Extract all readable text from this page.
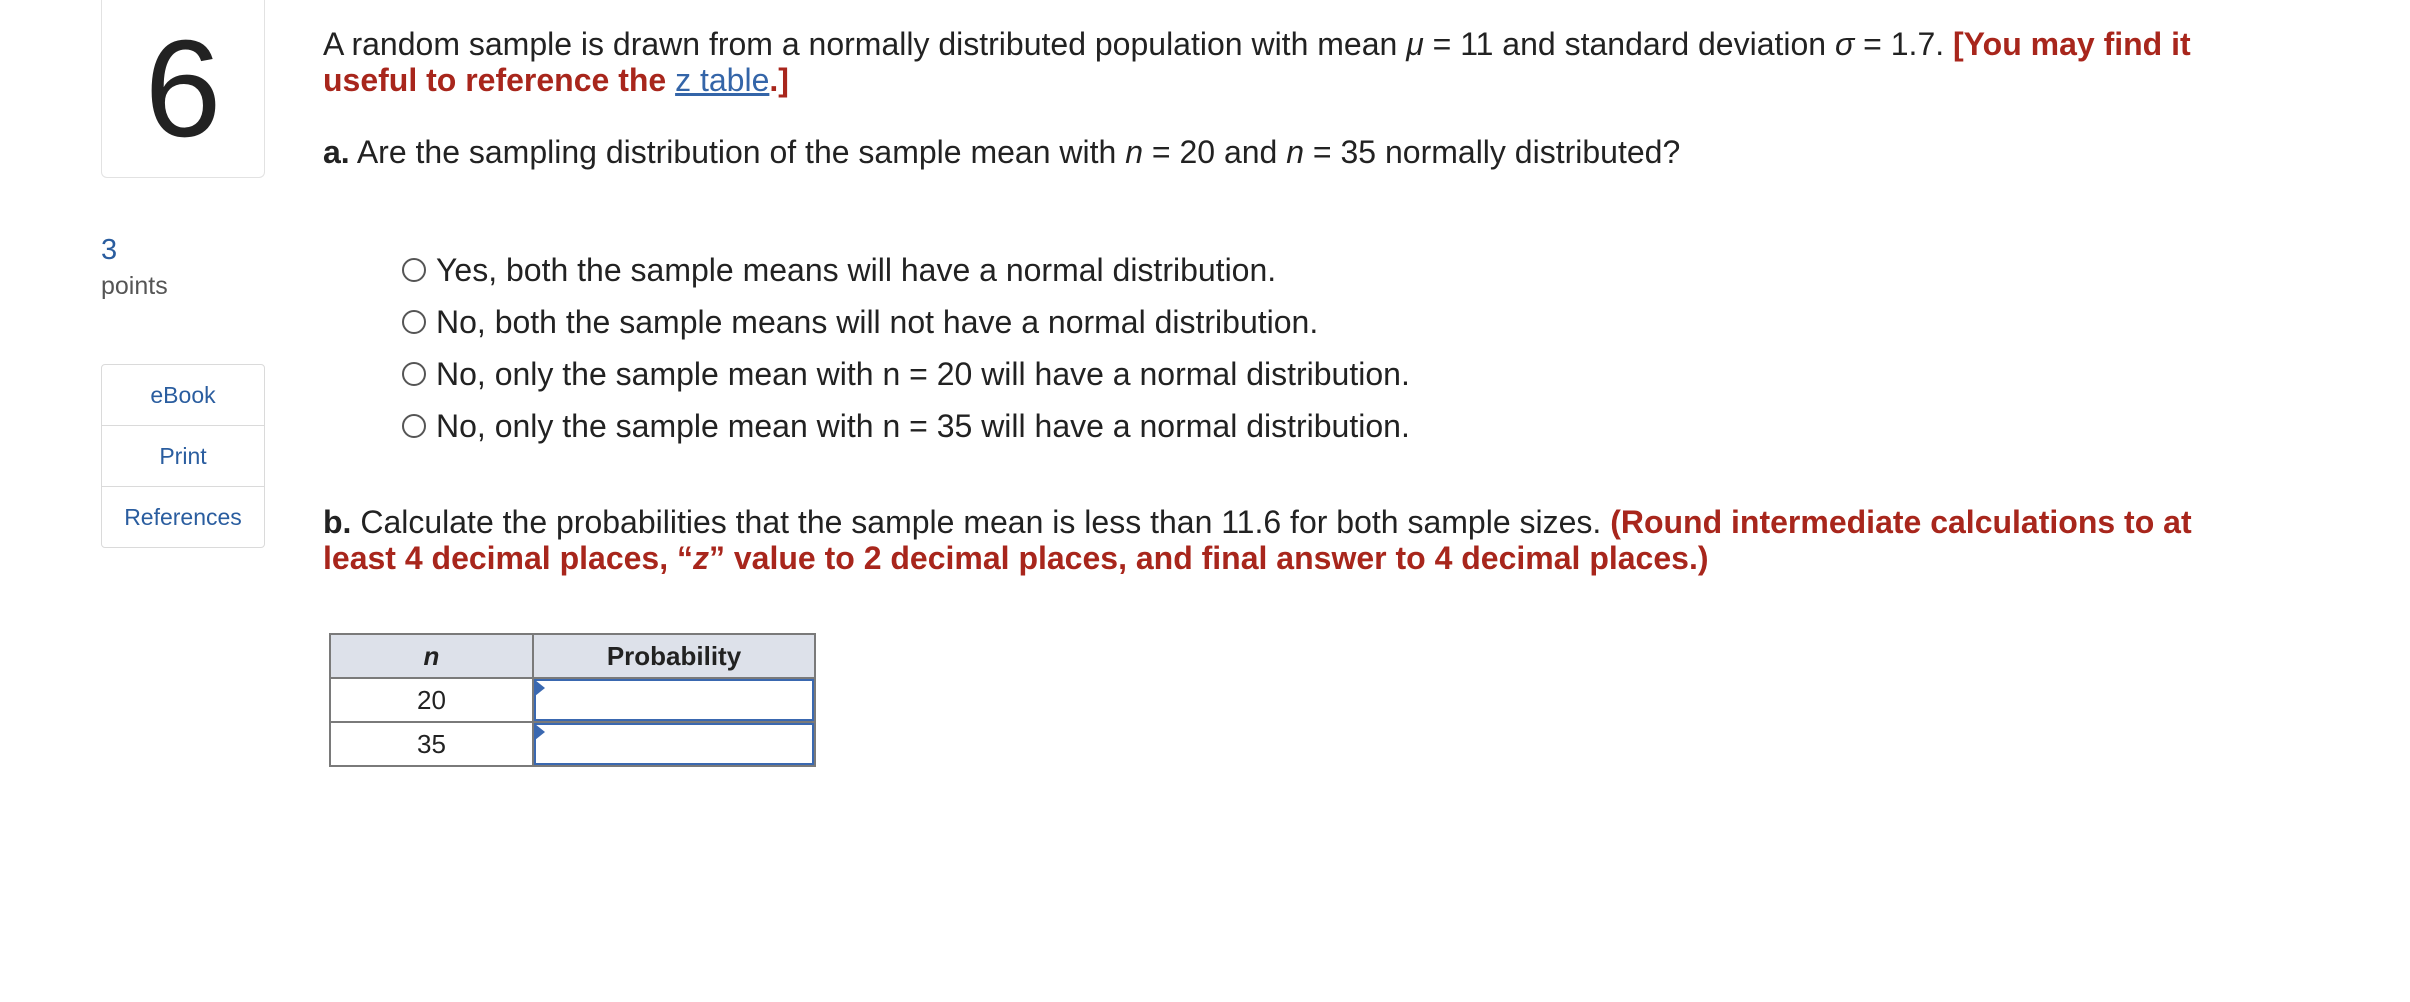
6
3
points
eBook
Print
References

A random sample is drawn from a normally distributed population with mean μ = 11 and standard deviation σ = 1.7. [You may find it useful to reference the z table.]

a. Are the sampling distribution of the sample mean with n = 20 and n = 35 normally distributed?

Yes, both the sample means will have a normal distribution.
No, both the sample means will not have a normal distribution.
No, only the sample mean with n = 20 will have a normal distribution.
No, only the sample mean with n = 35 will have a normal distribution.

b. Calculate the probabilities that the sample mean is less than 11.6 for both sample sizes. (Round intermediate calculations to at least 4 decimal places, “z” value to 2 decimal places, and final answer to 4 decimal places.)

n	Probability
20	

35	
